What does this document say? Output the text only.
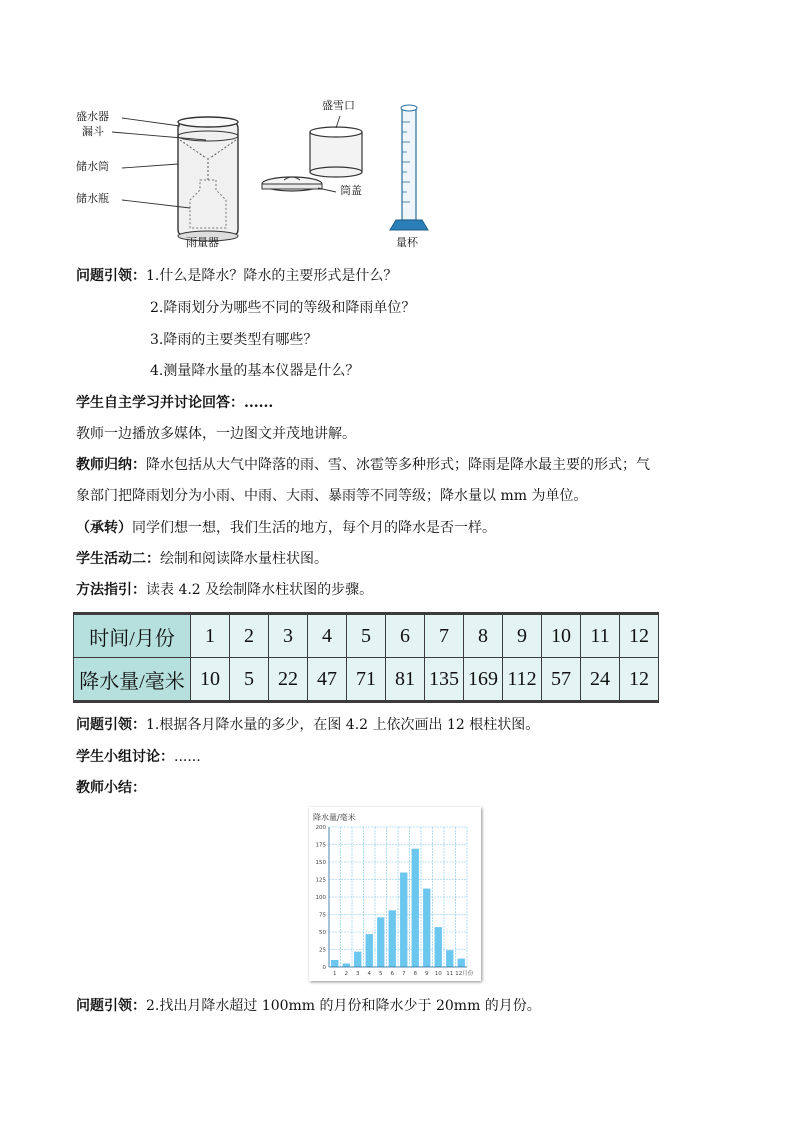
盛水器
漏斗
储水筒
储水瓶
雨量器
盛雪口
筒盖
量杯
问题引领：1.什么是降水？降水的主要形式是什么？
2.降雨划分为哪些不同的等级和降雨单位？
3.降雨的主要类型有哪些？
4.测量降水量的基本仪器是什么？
学生自主学习并讨论回答：......
教师一边播放多媒体，一边图文并茂地讲解。
教师归纳：降水包括从大气中降落的雨、雪、冰雹等多种形式；降雨是降水最主要的形式；气
象部门把降雨划分为小雨、中雨、大雨、暴雨等不同等级；降水量以 mm 为单位。
（承转）同学们想一想，我们生活的地方，每个月的降水是否一样。
学生活动二：绘制和阅读降水量柱状图。
方法指引：读表 4.2 及绘制降水柱状图的步骤。
时间/月份	1	2	3	4	5	6	7	8	9	10	11	12
降水量/毫米	10	5	22	47	71	81	135	169	112	57	24	12
问题引领：1.根据各月降水量的多少，在图 4.2 上依次画出 12 根柱状图。
学生小组讨论：......
教师小结：
降水量/毫米
0
25
50
75
100
125
150
175
200
1 2 3 4 5 6 7 8 9 10 11 12月份
问题引领：2.找出月降水超过 100mm 的月份和降水少于 20mm 的月份。
